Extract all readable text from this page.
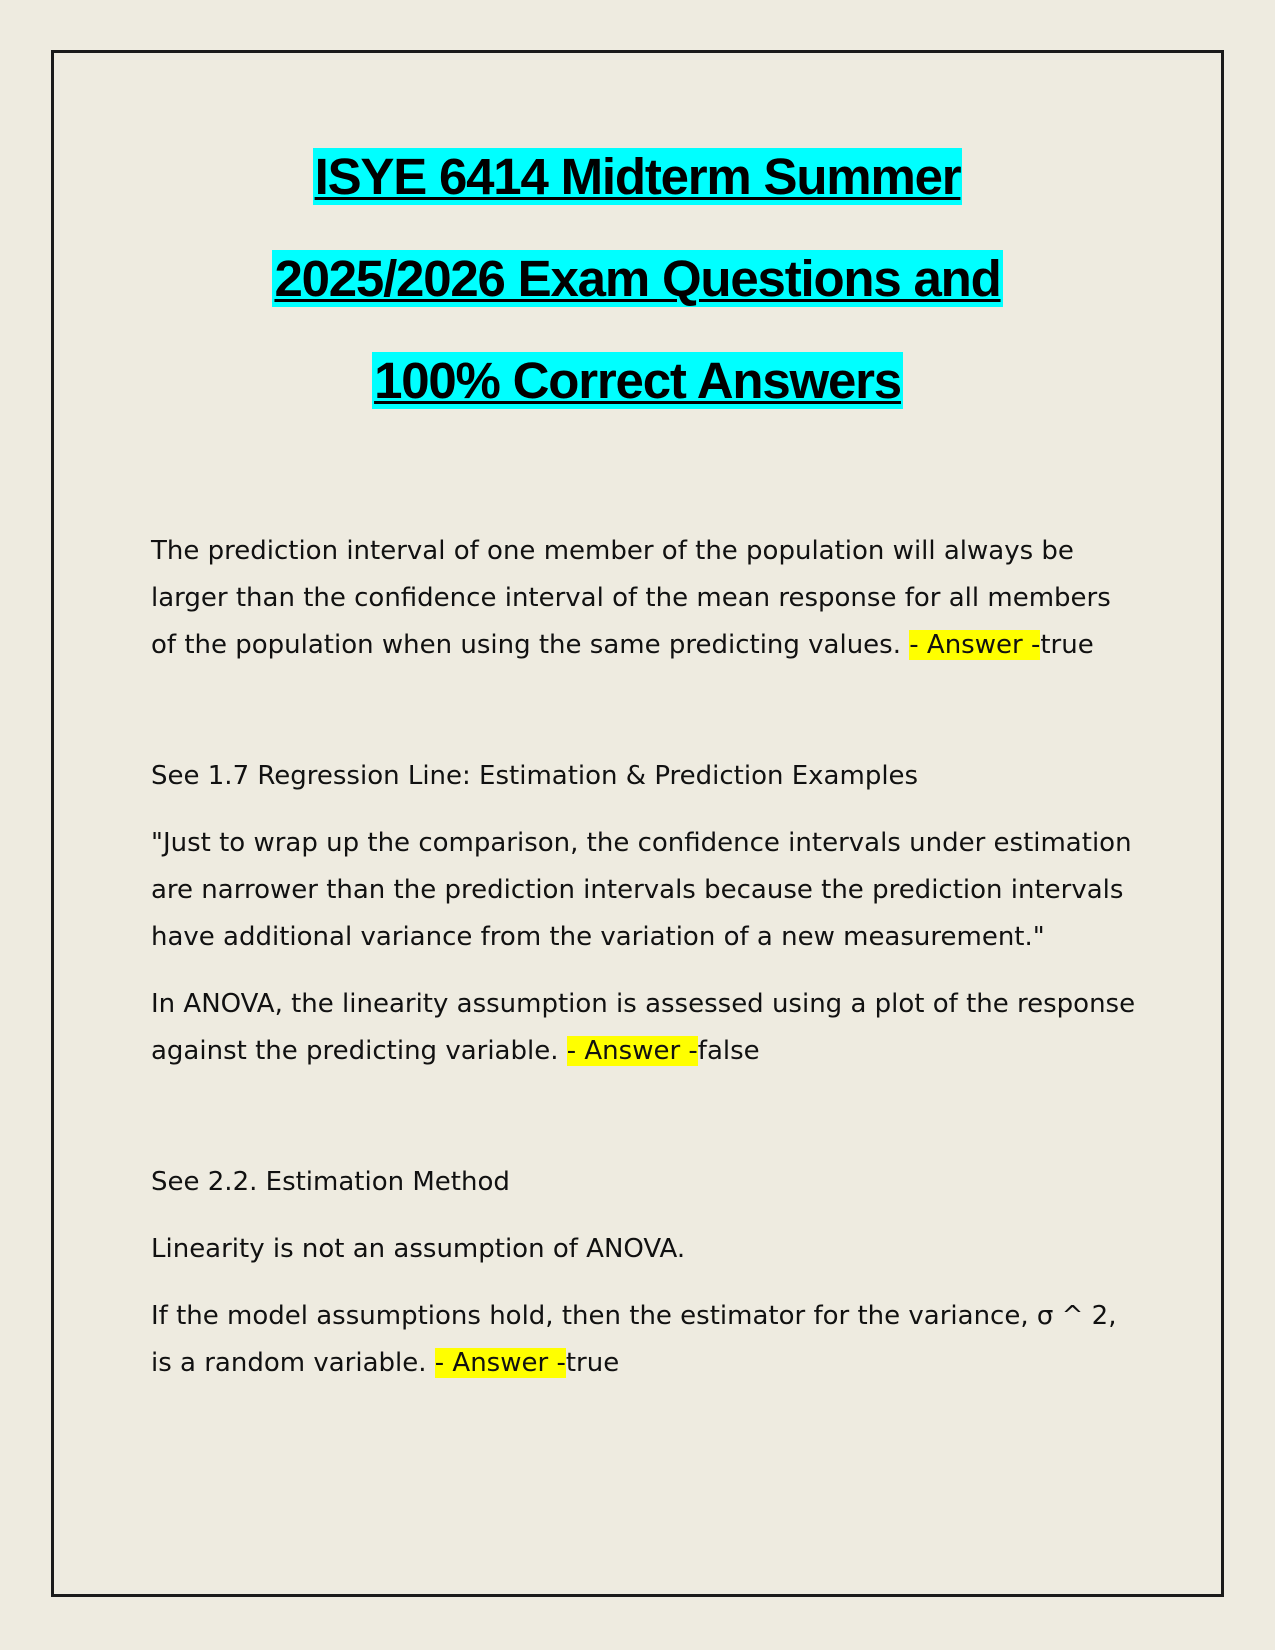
ISYE 6414 Midterm Summer
2025/2026 Exam Questions and
100% Correct Answers

The prediction interval of one member of the population will always be larger than the confidence interval of the mean response for all members of the population when using the same predicting values. - Answer -true

See 1.7 Regression Line: Estimation & Prediction Examples

"Just to wrap up the comparison, the confidence intervals under estimation are narrower than the prediction intervals because the prediction intervals have additional variance from the variation of a new measurement."

In ANOVA, the linearity assumption is assessed using a plot of the response against the predicting variable. - Answer -false

See 2.2. Estimation Method

Linearity is not an assumption of ANOVA.

If the model assumptions hold, then the estimator for the variance, σ ^ 2, is a random variable. - Answer -true
